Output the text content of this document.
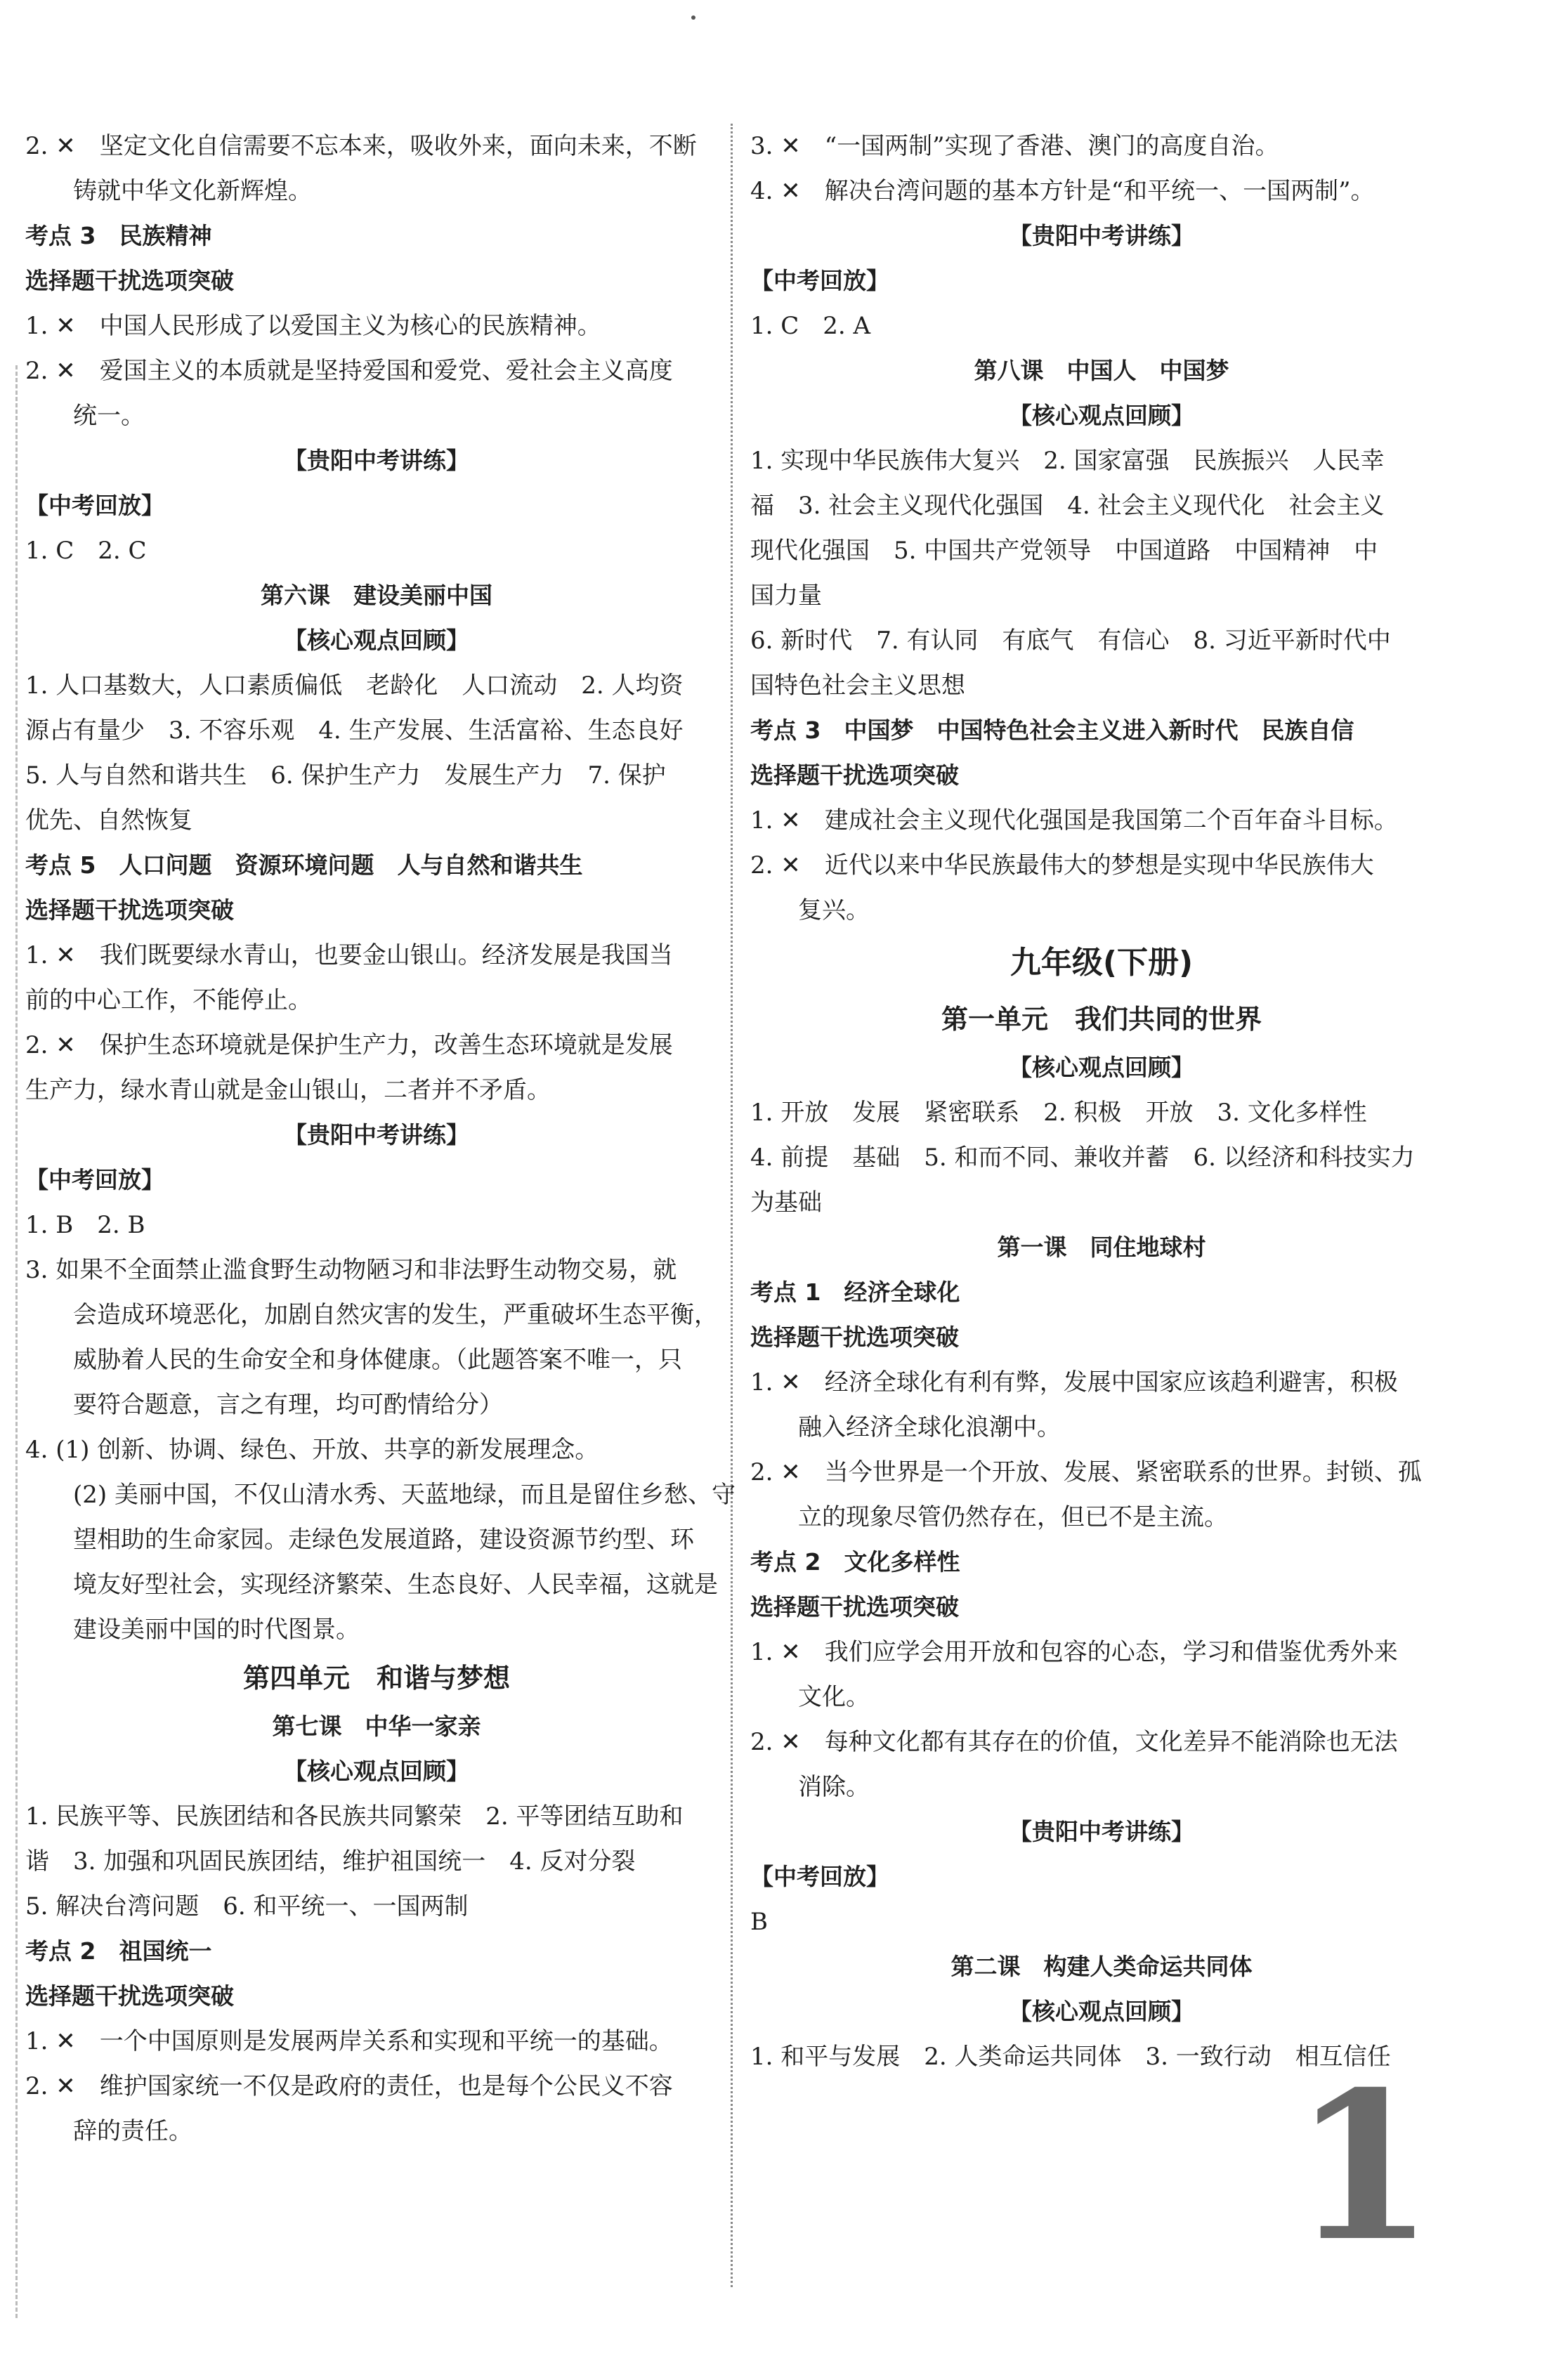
2. ✕　坚定文化自信需要不忘本来，吸收外来，面向未来，不断
铸就中华文化新辉煌。
考点 3　民族精神
选择题干扰选项突破
1. ✕　中国人民形成了以爱国主义为核心的民族精神。
2. ✕　爱国主义的本质就是坚持爱国和爱党、爱社会主义高度
统一。
【贵阳中考讲练】
【中考回放】
1. C　2. C
第六课　建设美丽中国
【核心观点回顾】
1. 人口基数大，人口素质偏低　老龄化　人口流动　2. 人均资
源占有量少　3. 不容乐观　4. 生产发展、生活富裕、生态良好
5. 人与自然和谐共生　6. 保护生产力　发展生产力　7. 保护
优先、自然恢复
考点 5　人口问题　资源环境问题　人与自然和谐共生
选择题干扰选项突破
1. ✕　我们既要绿水青山，也要金山银山。经济发展是我国当
前的中心工作，不能停止。
2. ✕　保护生态环境就是保护生产力，改善生态环境就是发展
生产力，绿水青山就是金山银山，二者并不矛盾。
【贵阳中考讲练】
【中考回放】
1. B　2. B
3. 如果不全面禁止滥食野生动物陋习和非法野生动物交易，就
会造成环境恶化，加剧自然灾害的发生，严重破坏生态平衡，
威胁着人民的生命安全和身体健康。（此题答案不唯一，只
要符合题意，言之有理，均可酌情给分）
4. (1) 创新、协调、绿色、开放、共享的新发展理念。
(2) 美丽中国，不仅山清水秀、天蓝地绿，而且是留住乡愁、守
望相助的生命家园。走绿色发展道路，建设资源节约型、环
境友好型社会，实现经济繁荣、生态良好、人民幸福，这就是
建设美丽中国的时代图景。
第四单元　和谐与梦想
第七课　中华一家亲
【核心观点回顾】
1. 民族平等、民族团结和各民族共同繁荣　2. 平等团结互助和
谐　3. 加强和巩固民族团结，维护祖国统一　4. 反对分裂
5. 解决台湾问题　6. 和平统一、一国两制
考点 2　祖国统一
选择题干扰选项突破
1. ✕　一个中国原则是发展两岸关系和实现和平统一的基础。
2. ✕　维护国家统一不仅是政府的责任，也是每个公民义不容
辞的责任。
3. ✕　“一国两制”实现了香港、澳门的高度自治。
4. ✕　解决台湾问题的基本方针是“和平统一、一国两制”。
【贵阳中考讲练】
【中考回放】
1. C　2. A
第八课　中国人　中国梦
【核心观点回顾】
1. 实现中华民族伟大复兴　2. 国家富强　民族振兴　人民幸
福　3. 社会主义现代化强国　4. 社会主义现代化　社会主义
现代化强国　5. 中国共产党领导　中国道路　中国精神　中
国力量
6. 新时代　7. 有认同　有底气　有信心　8. 习近平新时代中
国特色社会主义思想
考点 3　中国梦　中国特色社会主义进入新时代　民族自信
选择题干扰选项突破
1. ✕　建成社会主义现代化强国是我国第二个百年奋斗目标。
2. ✕　近代以来中华民族最伟大的梦想是实现中华民族伟大
复兴。
九年级(下册)
第一单元　我们共同的世界
【核心观点回顾】
1. 开放　发展　紧密联系　2. 积极　开放　3. 文化多样性
4. 前提　基础　5. 和而不同、兼收并蓄　6. 以经济和科技实力
为基础
第一课　同住地球村
考点 1　经济全球化
选择题干扰选项突破
1. ✕　经济全球化有利有弊，发展中国家应该趋利避害，积极
融入经济全球化浪潮中。
2. ✕　当今世界是一个开放、发展、紧密联系的世界。封锁、孤
立的现象尽管仍然存在，但已不是主流。
考点 2　文化多样性
选择题干扰选项突破
1. ✕　我们应学会用开放和包容的心态，学习和借鉴优秀外来
文化。
2. ✕　每种文化都有其存在的价值，文化差异不能消除也无法
消除。
【贵阳中考讲练】
【中考回放】
B
第二课　构建人类命运共同体
【核心观点回顾】
1. 和平与发展　2. 人类命运共同体　3. 一致行动　相互信任
1
